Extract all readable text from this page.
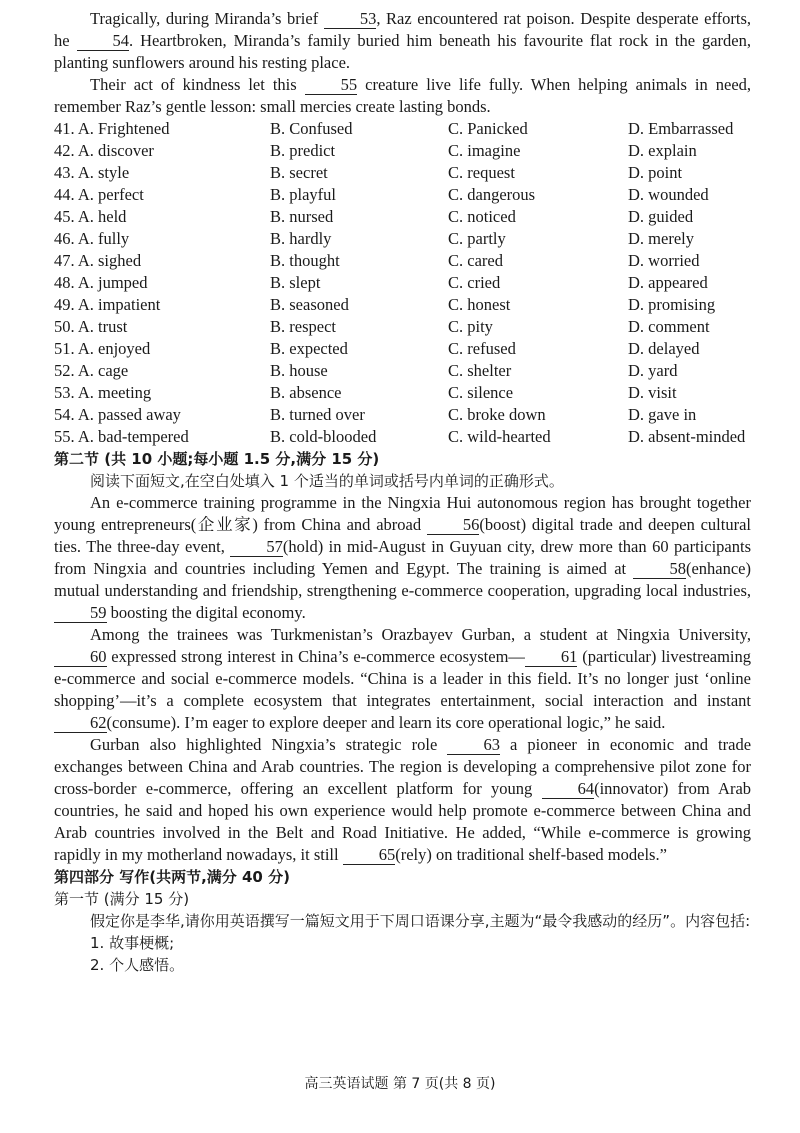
Tragically, during Miranda’s brief	53, Raz encountered rat poison. Despite desperate efforts, he	54. Heartbroken, Miranda’s family buried him beneath his favourite flat rock in the garden, planting sunflowers around his resting place.

Their act of kindness let this	55 creature live life fully. When helping animals in need, remember Raz’s gentle lesson: small mercies create lasting bonds.

41. A. Frightened	B. Confused	C. Panicked	D. Embarrassed
42. A. discover	B. predict	C. imagine	D. explain
43. A. style	B. secret	C. request	D. point
44. A. perfect	B. playful	C. dangerous	D. wounded
45. A. held	B. nursed	C. noticed	D. guided
46. A. fully	B. hardly	C. partly	D. merely
47. A. sighed	B. thought	C. cared	D. worried
48. A. jumped	B. slept	C. cried	D. appeared
49. A. impatient	B. seasoned	C. honest	D. promising
50. A. trust	B. respect	C. pity	D. comment
51. A. enjoyed	B. expected	C. refused	D. delayed
52. A. cage	B. house	C. shelter	D. yard
53. A. meeting	B. absence	C. silence	D. visit
54. A. passed away	B. turned over	C. broke down	D. gave in
55. A. bad-tempered	B. cold-blooded	C. wild-hearted	D. absent-minded

第二节 (共 10 小题;每小题 1.5 分,满分 15 分)

阅读下面短文,在空白处填入 1 个适当的单词或括号内单词的正确形式。

An e-commerce training programme in the Ningxia Hui autonomous region has brought together young entrepreneurs(企业家) from China and abroad	56(boost) digital trade and deepen cultural ties. The three-day event,	57(hold) in mid-August in Guyuan city, drew more than 60 participants from Ningxia and countries including Yemen and Egypt. The training is aimed at	58(enhance) mutual understanding and friendship, strengthening e-commerce cooperation, upgrading local industries, 59 boosting the digital economy.

Among the trainees was Turkmenistan’s Orazbayev Gurban, a student at Ningxia University, 60 expressed strong interest in China’s e-commerce ecosystem— 61 (particular) livestreaming e-commerce and social e-commerce models. “China is a leader in this field. It’s no longer just ‘online shopping’—it’s a complete ecosystem that integrates entertainment, social interaction and instant 62(consume). I’m eager to explore deeper and learn its core operational logic,” he said.

Gurban also highlighted Ningxia’s strategic role	63 a pioneer in economic and trade exchanges between China and Arab countries. The region is developing a comprehensive pilot zone for cross-border e-commerce, offering an excellent platform for young	64(innovator) from Arab countries, he said and hoped his own experience would help promote e-commerce between China and Arab countries involved in the Belt and Road Initiative. He added, “While e-commerce is growing rapidly in my motherland nowadays, it still 65(rely) on traditional shelf-based models.”

第四部分 写作(共两节,满分 40 分)

第一节 (满分 15 分)

假定你是李华,请你用英语撰写一篇短文用于下周口语课分享,主题为“最令我感动的经历”。内容包括:

1. 故事梗概;

2. 个人感悟。

高三英语试题 第 7 页(共 8 页)
